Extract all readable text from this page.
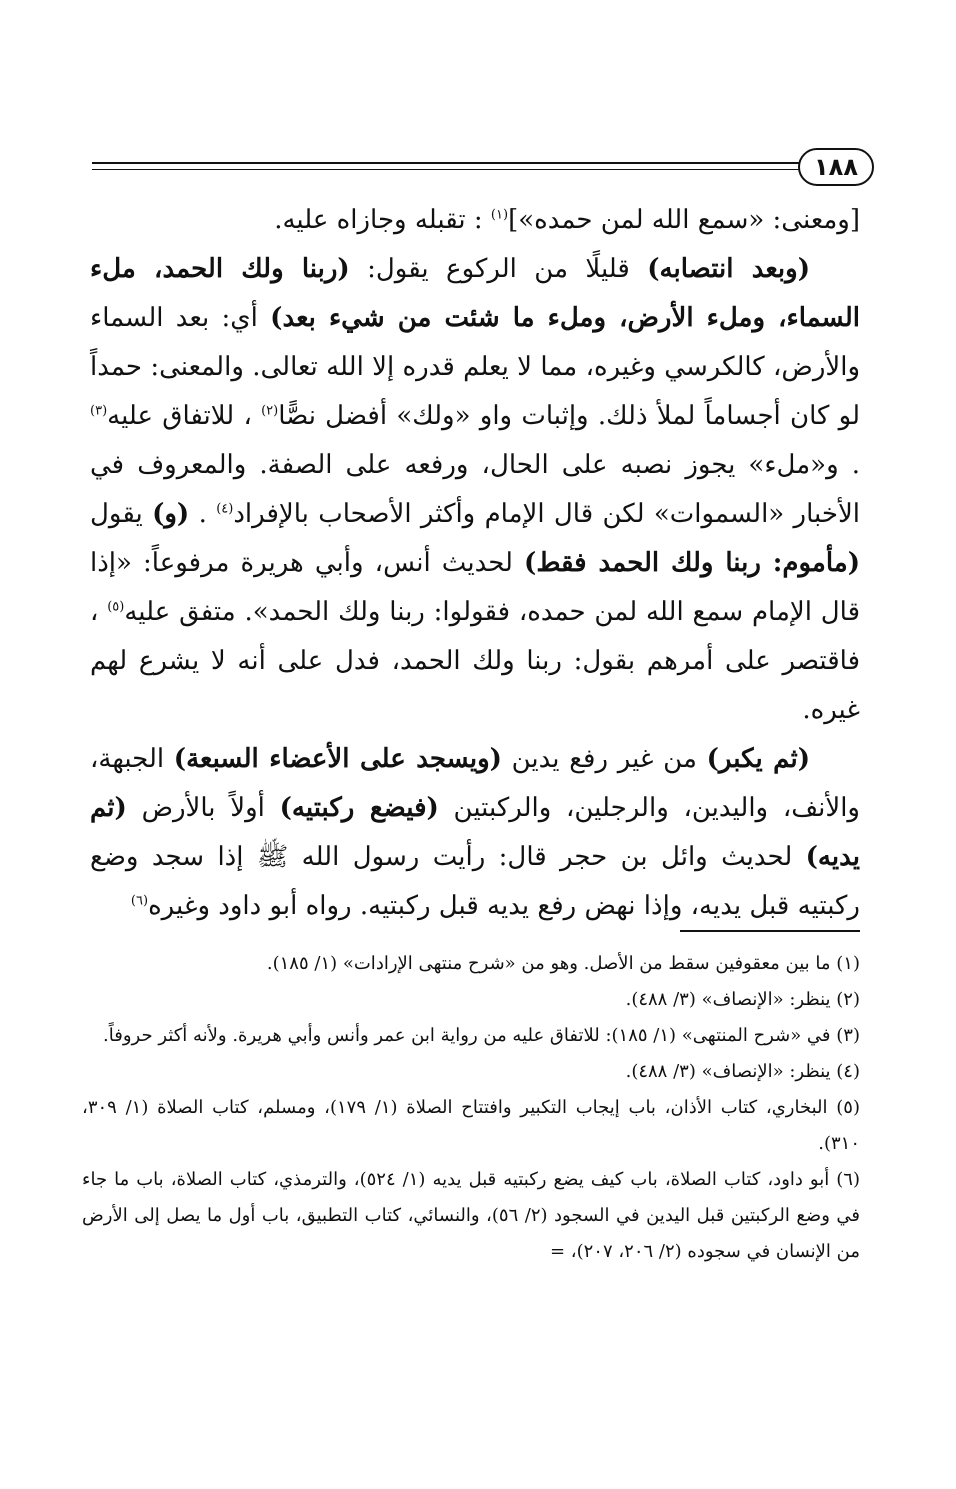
١٨٨

[ومعنى: «سمع الله لمن حمده»]$^{(١)}$ : تقبله وجازاه عليه.

(وبعد انتصابه) قليلًا من الركوع يقول: (ربنا ولك الحمد، ملء السماء، وملء الأرض، وملء ما شئت من شيء بعد) أي: بعد السماء والأرض، كالكرسي وغيره، مما لا يعلم قدره إلا الله تعالى. والمعنى: حمداً لو كان أجساماً لملأ ذلك. وإثبات واو «ولك» أفضل نصًّا$^{(٢)}$ ، للاتفاق عليه$^{(٣)}$ . و«ملء» يجوز نصبه على الحال، ورفعه على الصفة. والمعروف في الأخبار «السموات» لكن قال الإمام وأكثر الأصحاب بالإفراد$^{(٤)}$ . (و) يقول (مأموم: ربنا ولك الحمد فقط) لحديث أنس، وأبي هريرة مرفوعاً: «إذا قال الإمام سمع الله لمن حمده، فقولوا: ربنا ولك الحمد». متفق عليه$^{(٥)}$ ، فاقتصر على أمرهم بقول: ربنا ولك الحمد، فدل على أنه لا يشرع لهم غيره.

(ثم يكبر) من غير رفع يدين (ويسجد على الأعضاء السبعة) الجبهة، والأنف، واليدين، والرجلين، والركبتين (فيضع ركبتيه) أولاً بالأرض (ثم يديه) لحديث وائل بن حجر قال: رأيت رسول الله ﷺ إذا سجد وضع ركبتيه قبل يديه، وإذا نهض رفع يديه قبل ركبتيه. رواه أبو داود وغيره$^{(٦)}$

(١) ما بين معقوفين سقط من الأصل. وهو من «شرح منتهى الإرادات» (١/ ١٨٥).

(٢) ينظر: «الإنصاف» (٣/ ٤٨٨).

(٣) في «شرح المنتهى» (١/ ١٨٥): للاتفاق عليه من رواية ابن عمر وأنس وأبي هريرة. ولأنه أكثر حروفاً.

(٤) ينظر: «الإنصاف» (٣/ ٤٨٨).

(٥) البخاري، كتاب الأذان، باب إيجاب التكبير وافتتاح الصلاة (١/ ١٧٩)، ومسلم، كتاب الصلاة (١/ ٣٠٩، ٣١٠).

(٦) أبو داود، كتاب الصلاة، باب كيف يضع ركبتيه قبل يديه (١/ ٥٢٤)، والترمذي، كتاب الصلاة، باب ما جاء في وضع الركبتين قبل اليدين في السجود (٢/ ٥٦)، والنسائي، كتاب التطبيق، باب أول ما يصل إلى الأرض من الإنسان في سجوده (٢/ ٢٠٦، ٢٠٧)، =
